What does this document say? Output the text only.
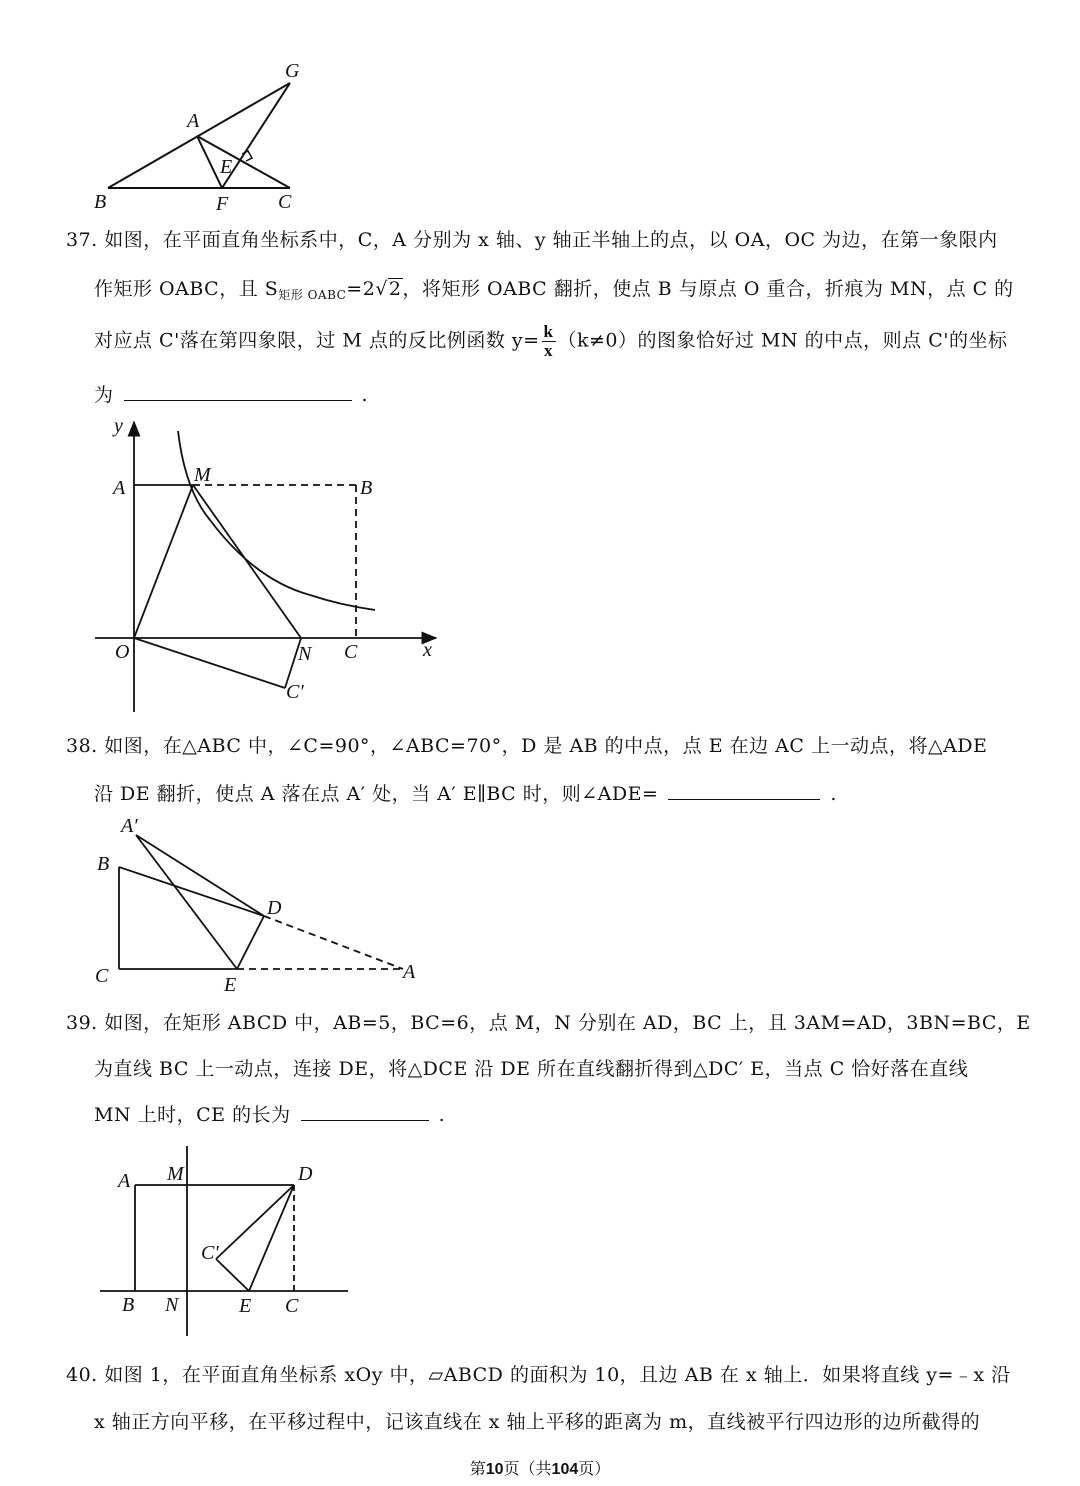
G
A
E
B	F C
37. 如图，在平面直角坐标系中，C，A 分别为 x 轴、y 轴正半轴上的点，以 OA，OC 为边，在第一象限内
作矩形 OABC，且 $S_{矩形 OABC}=2√2$，将矩形 OABC 翻折，使点 B 与原点 O 重合，折痕为 MN，点 C 的
对应点 C'落在第四象限，过 M 点的反比例函数 $y= \frac{k}{x} (k\ne 0)$的图象恰好过 MN 的中点，则点 C'的坐标
为	.
y
x
A
M
B
O	N C
C′
38. 如图，在△ABC 中，∠C=90°，∠ABC=70°，D 是 AB 的中点，点 E 在边 AC 上一动点，将△ADE
沿 DE 翻折，使点 A 落在点 A′ 处，当 A′ E∥BC 时，则∠ADE=	.
A′
B
D
C	E
A
39. 如图，在矩形 ABCD 中，AB=5，BC=6，点 M，N 分别在 AD，BC 上，且 3AM=AD，3BN=BC，E
为直线 BC 上一动点，连接 DE，将△DCE 沿 DE 所在直线翻折得到△DC′ E，当点 C 恰好落在直线
MN 上时，CE 的长为	.
A M	D
C'
B N	E C
40. 如图 1，在平面直角坐标系 xOy 中，▱ABCD 的面积为 10，且边 AB 在 x 轴上．如果将直线 y=﹣x 沿
x 轴正方向平移，在平移过程中，记该直线在 x 轴上平移的距离为 m，直线被平行四边形的边所截得的
第10页（共104页）
